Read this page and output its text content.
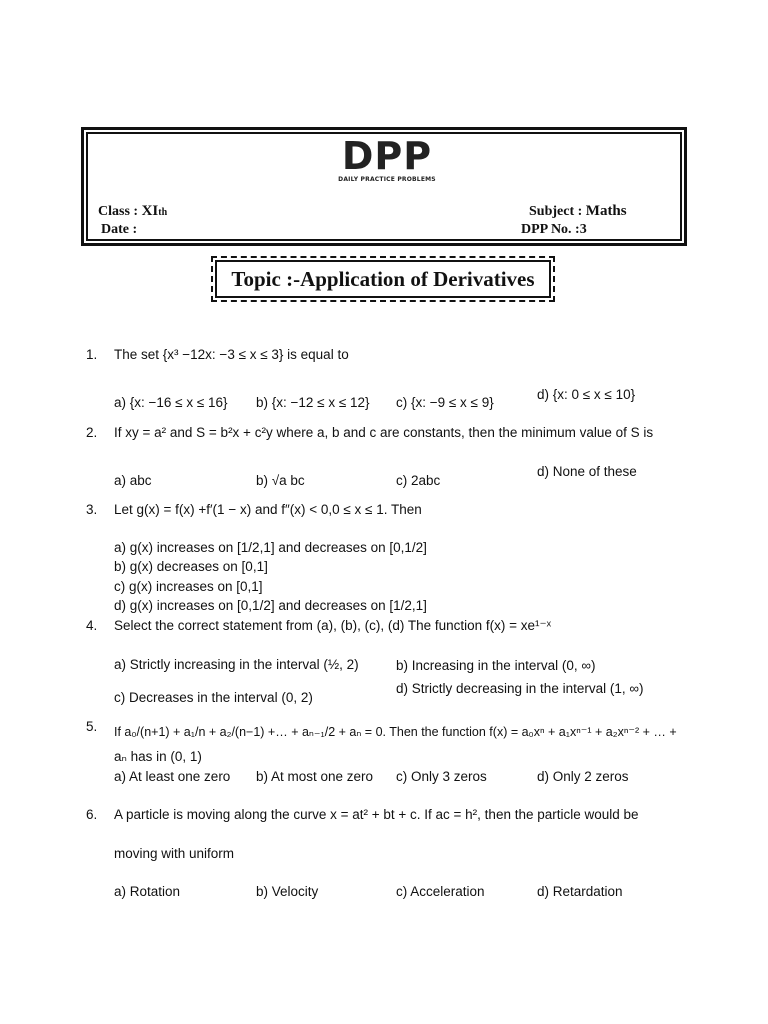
DPP
DAILY PRACTICE PROBLEMS
Class : XIth
Date :
Subject : Maths
DPP No. :3
Topic :-Application of Derivatives
1. The set {x³ −12x: −3 ≤ x ≤ 3} is equal to
a) {x: −16 ≤ x ≤ 16} b) {x: −12 ≤ x ≤ 12} c) {x: −9 ≤ x ≤ 9}
d) {x: 0 ≤ x ≤ 10}
2. If xy = a² and S = b²x + c²y where a, b and c are constants, then the minimum value of S is
a) abc	b) √a bc	c) 2abc
d) None of these
3. Let g(x) = f(x) +f′(1 − x) and f″(x) < 0,0 ≤ x ≤ 1. Then
a) g(x) increases on [1/2,1] and decreases on [0,1/2]
b) g(x) decreases on [0,1]
c) g(x) increases on [0,1]
d) g(x) increases on [0,1/2] and decreases on [1/2,1]
4. Select the correct statement from (a), (b), (c), (d) The function f(x) = xe¹⁻ˣ
a) Strictly increasing in the interval (½, 2)	b) Increasing in the interval (0, ∞)
c) Decreases in the interval (0, 2)
d) Strictly decreasing in the interval (1, ∞)
5. If a₀/(n+1) + a₁/n + a₂/(n−1) +… + aₙ₋₁/2 + aₙ = 0. Then the function f(x) = a₀xⁿ + a₁xⁿ⁻¹ + a₂xⁿ⁻² + … +
aₙ has in (0, 1)
a) At least one zero b) At most one zero c) Only 3 zeros	d) Only 2 zeros
6. A particle is moving along the curve x = at² + bt + c. If ac = h², then the particle would be
moving with uniform
a) Rotation	b) Velocity	c) Acceleration	d) Retardation
